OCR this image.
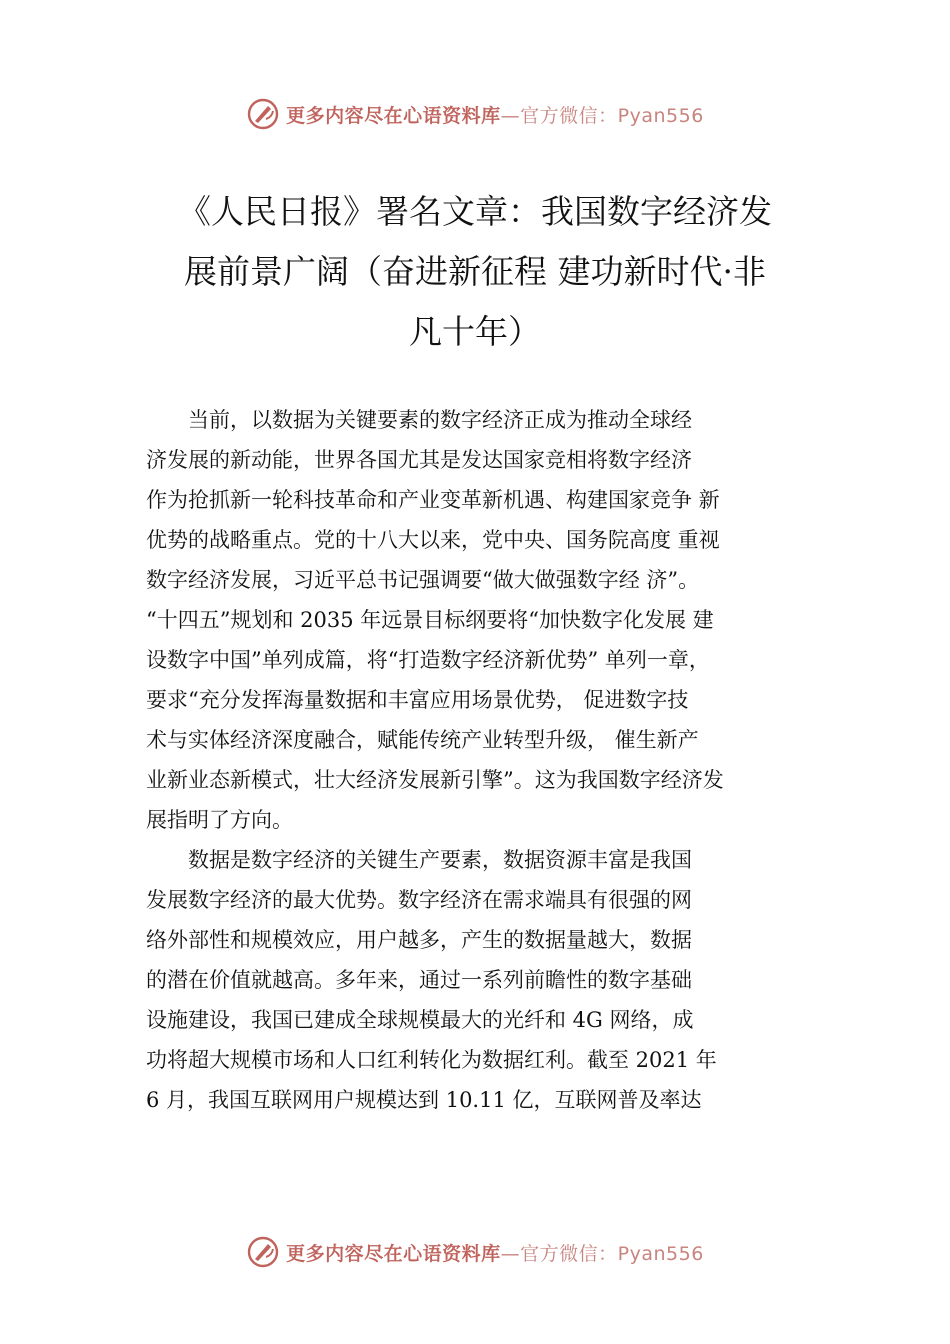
更多内容尽在心语资料库—官方微信：Pyan556
《人民日报》署名文章：我国数字经济发
展前景广阔（奋进新征程 建功新时代·非
凡十年）
　　当前，以数据为关键要素的数字经济正成为推动全球经
济发展的新动能，世界各国尤其是发达国家竞相将数字经济
作为抢抓新一轮科技革命和产业变革新机遇、构建国家竞争 新
优势的战略重点。党的十八大以来，党中央、国务院高度 重视
数字经济发展，习近平总书记强调要“做大做强数字经 济”。
“十四五”规划和 2035 年远景目标纲要将“加快数字化发展 建
设数字中国”单列成篇，将“打造数字经济新优势” 单列一章，
要求“充分发挥海量数据和丰富应用场景优势， 促进数字技
术与实体经济深度融合，赋能传统产业转型升级， 催生新产
业新业态新模式，壮大经济发展新引擎”。这为我国数字经济发
展指明了方向。
　　数据是数字经济的关键生产要素，数据资源丰富是我国
发展数字经济的最大优势。数字经济在需求端具有很强的网
络外部性和规模效应，用户越多，产生的数据量越大，数据
的潜在价值就越高。多年来，通过一系列前瞻性的数字基础
设施建设，我国已建成全球规模最大的光纤和 4G 网络，成
功将超大规模市场和人口红利转化为数据红利。截至 2021 年
6 月，我国互联网用户规模达到 10.11 亿，互联网普及率达
更多内容尽在心语资料库—官方微信：Pyan556
